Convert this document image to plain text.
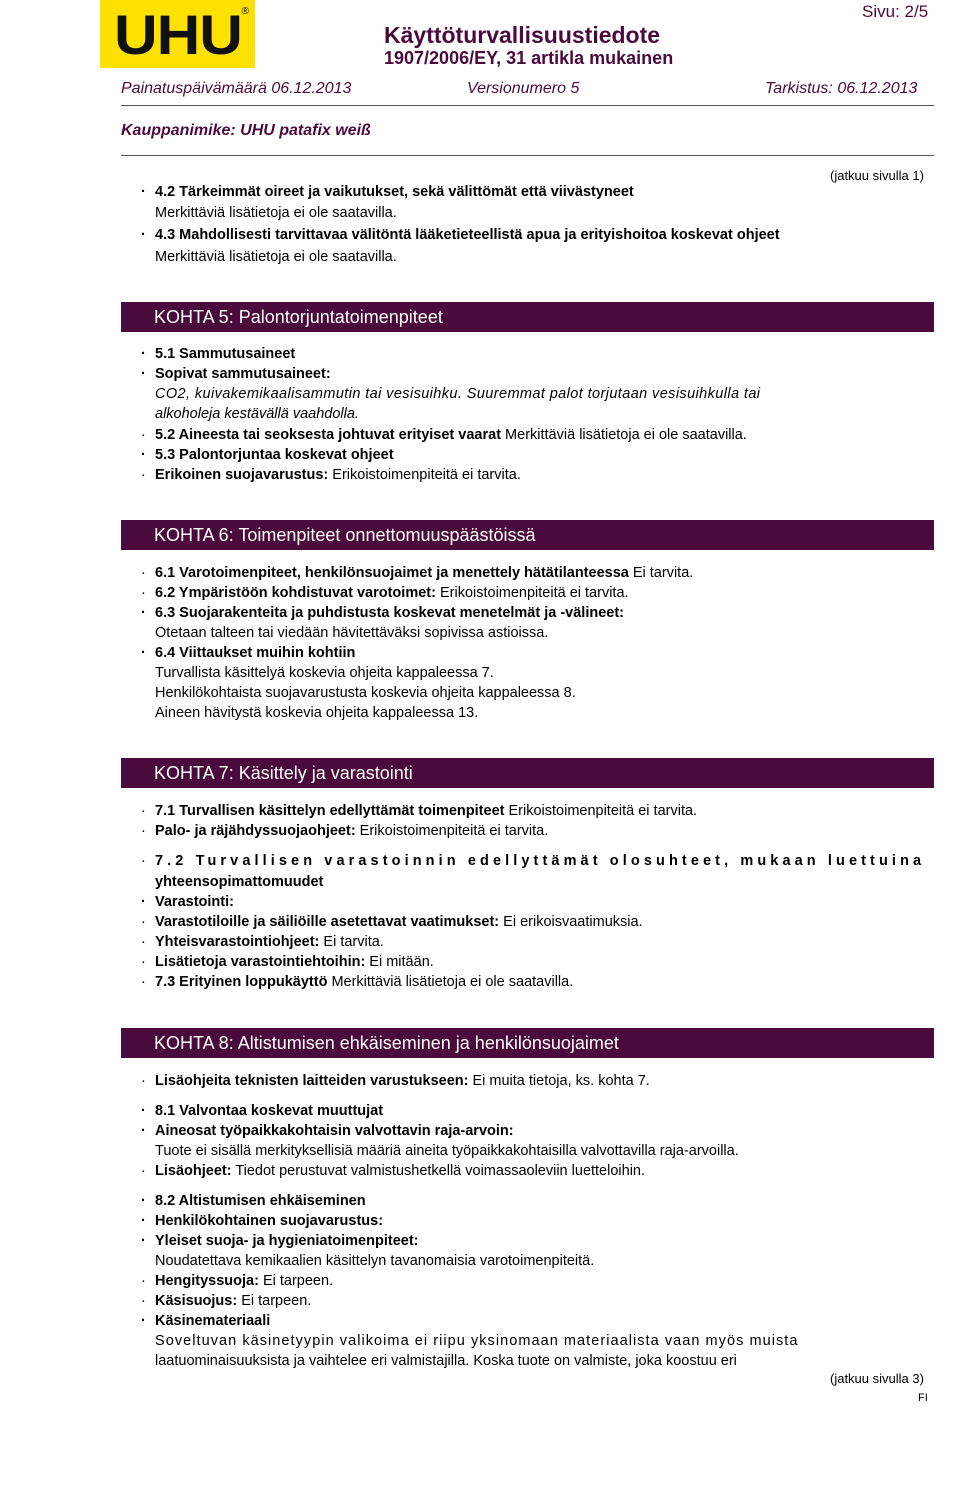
UHU ®
Käyttöturvallisuustiedote
1907/2006/EY, 31 artikla mukainen
Sivu: 2/5
Painatuspäivämäärä 06.12.2013	Versionumero 5	Tarkistus: 06.12.2013
Kauppanimike: UHU patafix weiß
(jatkuu sivulla 1)
· 4.2 Tärkeimmät oireet ja vaikutukset, sekä välittömät että viivästyneet
Merkittäviä lisätietoja ei ole saatavilla.
· 4.3 Mahdollisesti tarvittavaa välitöntä lääketieteellistä apua ja erityishoitoa koskevat ohjeet
Merkittäviä lisätietoja ei ole saatavilla.
KOHTA 5: Palontorjuntatoimenpiteet
· 5.1 Sammutusaineet
· Sopivat sammutusaineet:
CO2, kuivakemikaalisammutin tai vesisuihku. Suuremmat palot torjutaan vesisuihkulla tai
alkoholeja kestävällä vaahdolla.
· 5.2 Aineesta tai seoksesta johtuvat erityiset vaarat Merkittäviä lisätietoja ei ole saatavilla.
· 5.3 Palontorjuntaa koskevat ohjeet
· Erikoinen suojavarustus: Erikoistoimenpiteitä ei tarvita.
KOHTA 6: Toimenpiteet onnettomuuspäästöissä
· 6.1 Varotoimenpiteet, henkilönsuojaimet ja menettely hätätilanteessa Ei tarvita.
· 6.2 Ympäristöön kohdistuvat varotoimet: Erikoistoimenpiteitä ei tarvita.
· 6.3 Suojarakenteita ja puhdistusta koskevat menetelmät ja -välineet:
Otetaan talteen tai viedään hävitettäväksi sopivissa astioissa.
· 6.4 Viittaukset muihin kohtiin
Turvallista käsittelyä koskevia ohjeita kappaleessa 7.
Henkilökohtaista suojavarustusta koskevia ohjeita kappaleessa 8.
Aineen hävitystä koskevia ohjeita kappaleessa 13.
KOHTA 7: Käsittely ja varastointi
· 7.1 Turvallisen käsittelyn edellyttämät toimenpiteet Erikoistoimenpiteitä ei tarvita.
· Palo- ja räjähdyssuojaohjeet: Erikoistoimenpiteitä ei tarvita.
· 7.2 Turvallisen varastoinnin edellyttämät olosuhteet, mukaan luettuina
yhteensopimattomuudet
· Varastointi:
· Varastotiloille ja säiliöille asetettavat vaatimukset: Ei erikoisvaatimuksia.
· Yhteisvarastointiohjeet: Ei tarvita.
· Lisätietoja varastointiehtoihin: Ei mitään.
· 7.3 Erityinen loppukäyttö Merkittäviä lisätietoja ei ole saatavilla.
KOHTA 8: Altistumisen ehkäiseminen ja henkilönsuojaimet
· Lisäohjeita teknisten laitteiden varustukseen: Ei muita tietoja, ks. kohta 7.
· 8.1 Valvontaa koskevat muuttujat
· Aineosat työpaikkakohtaisin valvottavin raja-arvoin:
Tuote ei sisällä merkityksellisiä määriä aineita työpaikkakohtaisilla valvottavilla raja-arvoilla.
· Lisäohjeet: Tiedot perustuvat valmistushetkellä voimassaoleviin luetteloihin.
· 8.2 Altistumisen ehkäiseminen
· Henkilökohtainen suojavarustus:
· Yleiset suoja- ja hygieniatoimenpiteet:
Noudatettava kemikaalien käsittelyn tavanomaisia varotoimenpiteitä.
· Hengityssuoja: Ei tarpeen.
· Käsisuojus: Ei tarpeen.
· Käsinemateriaali
Soveltuvan käsinetyypin valikoima ei riipu yksinomaan materiaalista vaan myös muista
laatuominaisuuksista ja vaihtelee eri valmistajilla. Koska tuote on valmiste, joka koostuu eri
(jatkuu sivulla 3)
FI
